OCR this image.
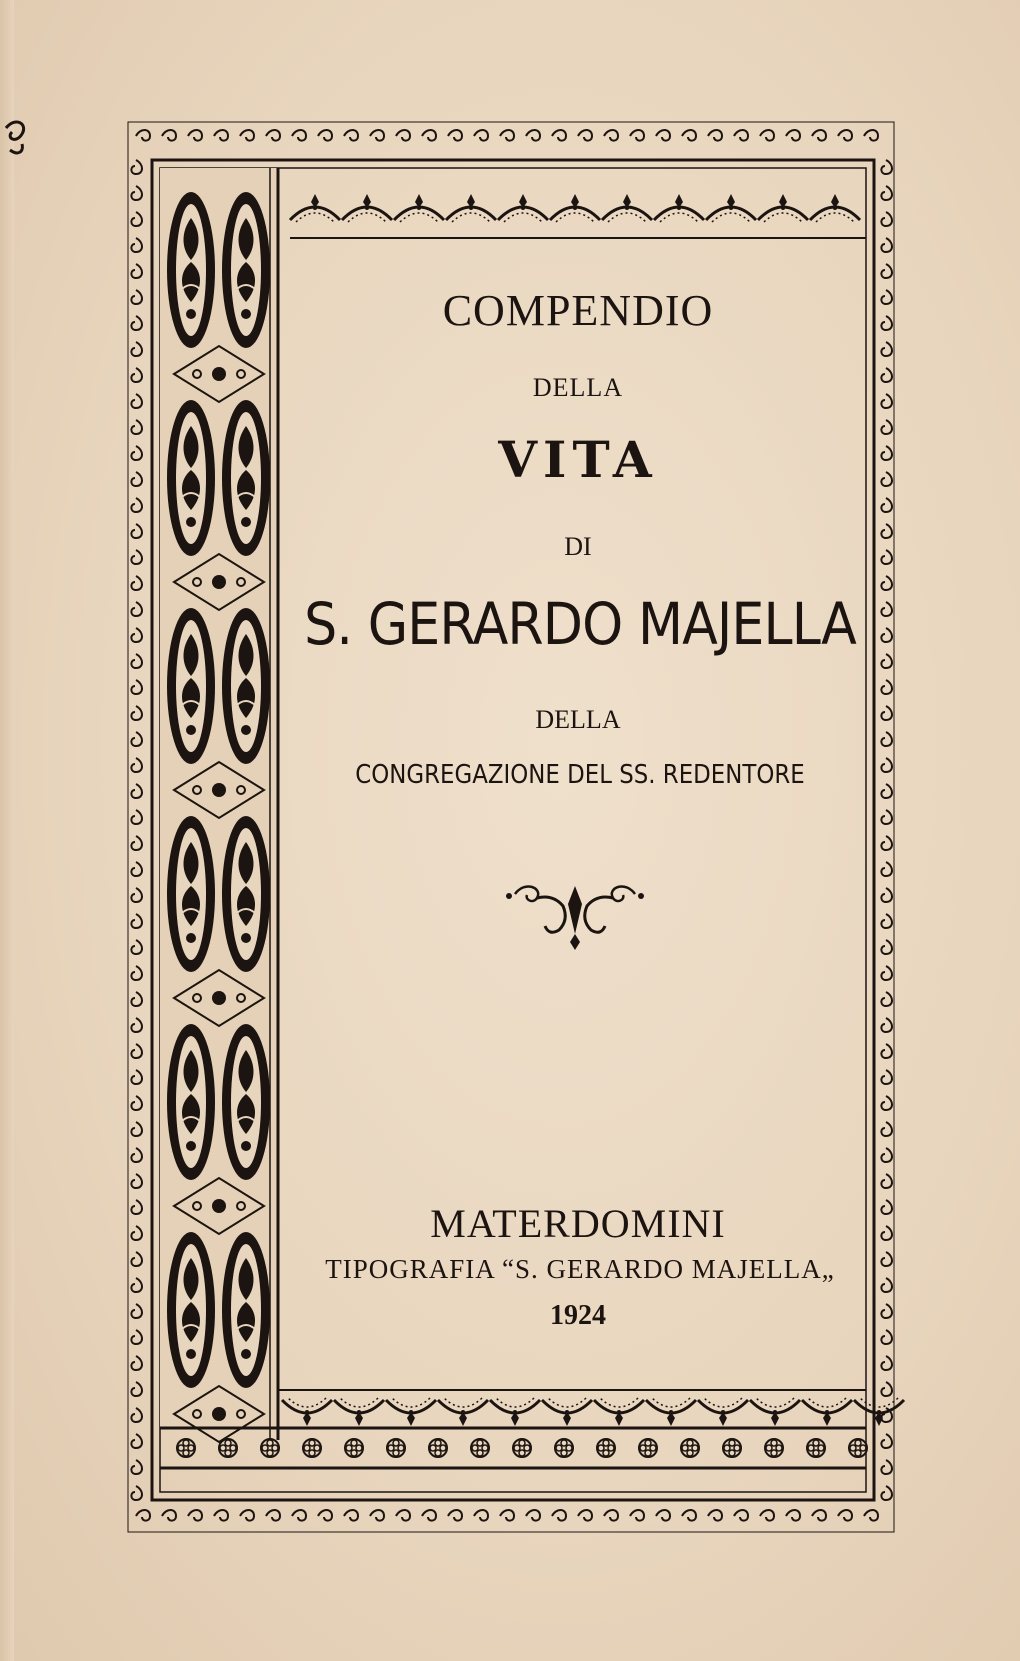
COMPENDIO
DELLA
VITA
DI
S. GERARDO MAJELLA
DELLA
CONGREGAZIONE DEL SS. REDENTORE
MATERDOMINI
TIPOGRAFIA “S. GERARDO MAJELLA„
1924
